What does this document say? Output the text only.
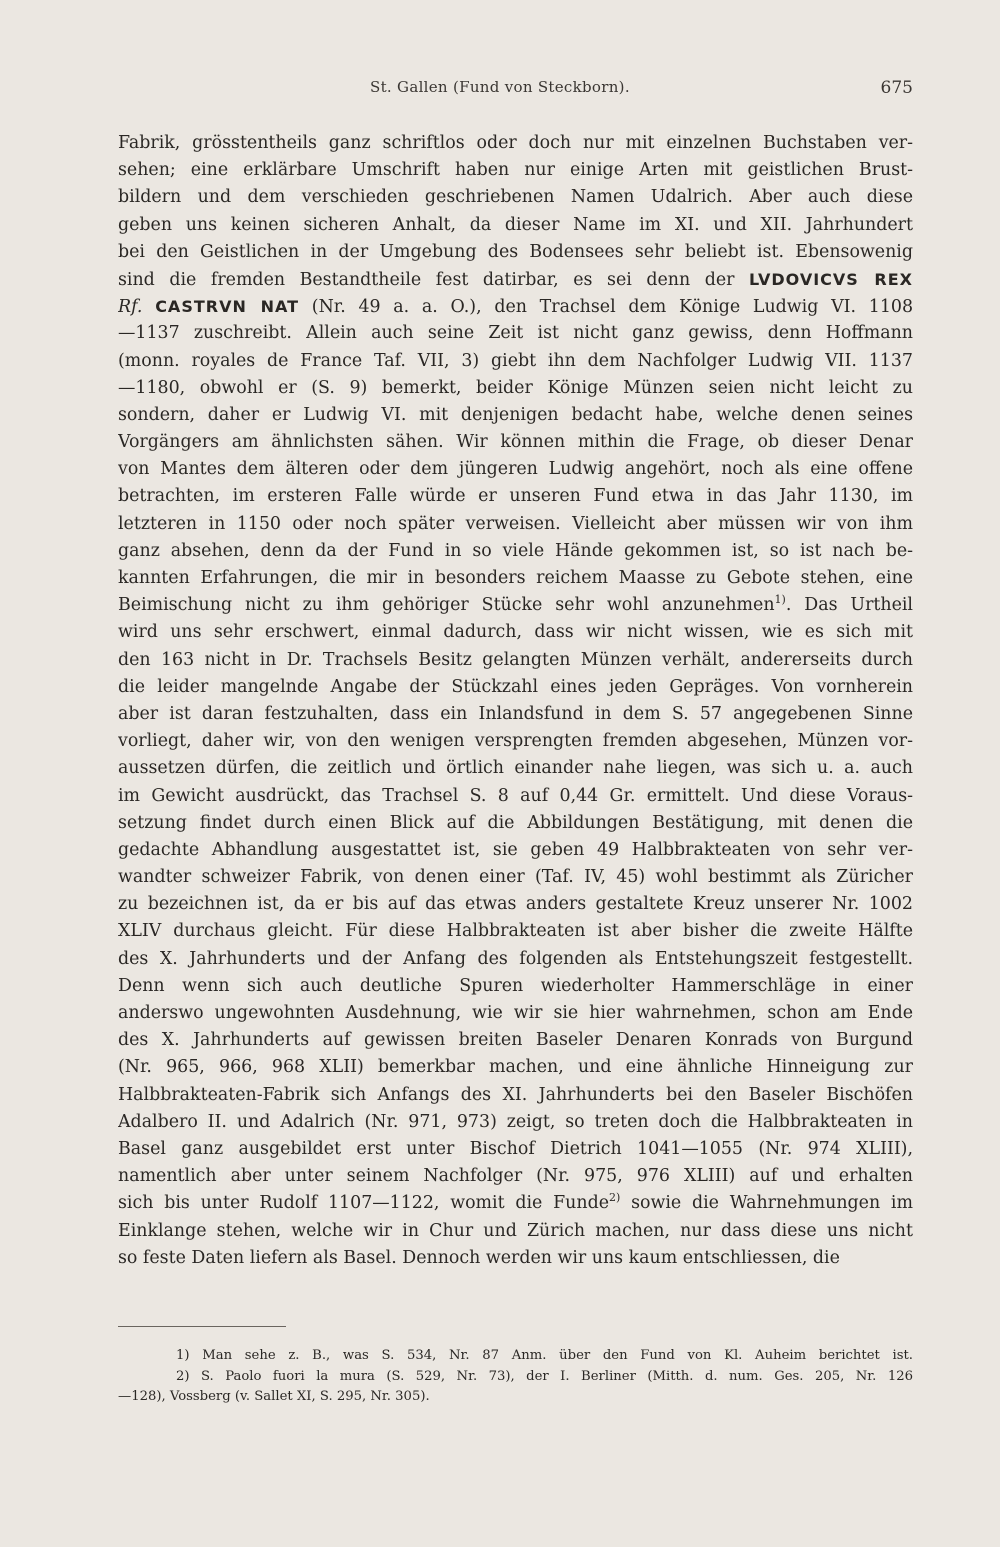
St. Gallen (Fund von Steckborn).	675
Fabrik, grösstentheils ganz schriftlos oder doch nur mit einzelnen Buchstaben ver-
sehen; eine erklärbare Umschrift haben nur einige Arten mit geistlichen Brust-
bildern und dem verschieden geschriebenen Namen Udalrich. Aber auch diese
geben uns keinen sicheren Anhalt, da dieser Name im XI. und XII. Jahrhundert
bei den Geistlichen in der Umgebung des Bodensees sehr beliebt ist. Ebensowenig
sind die fremden Bestandtheile fest datirbar, es sei denn der LVDOVICVS REX
Rf. CASTRVN NAT (Nr. 49 a. a. O.), den Trachsel dem Könige Ludwig VI. 1108
—1137 zuschreibt. Allein auch seine Zeit ist nicht ganz gewiss, denn Hoffmann
(monn. royales de France Taf. VII, 3) giebt ihn dem Nachfolger Ludwig VII. 1137
—1180, obwohl er (S. 9) bemerkt, beider Könige Münzen seien nicht leicht zu
sondern, daher er Ludwig VI. mit denjenigen bedacht habe, welche denen seines
Vorgängers am ähnlichsten sähen. Wir können mithin die Frage, ob dieser Denar
von Mantes dem älteren oder dem jüngeren Ludwig angehört, noch als eine offene
betrachten, im ersteren Falle würde er unseren Fund etwa in das Jahr 1130, im
letzteren in 1150 oder noch später verweisen. Vielleicht aber müssen wir von ihm
ganz absehen, denn da der Fund in so viele Hände gekommen ist, so ist nach be-
kannten Erfahrungen, die mir in besonders reichem Maasse zu Gebote stehen, eine
Beimischung nicht zu ihm gehöriger Stücke sehr wohl anzunehmen$^{1)}$. Das Urtheil
wird uns sehr erschwert, einmal dadurch, dass wir nicht wissen, wie es sich mit
den 163 nicht in Dr. Trachsels Besitz gelangten Münzen verhält, andererseits durch
die leider mangelnde Angabe der Stückzahl eines jeden Gepräges. Von vornherein
aber ist daran festzuhalten, dass ein Inlandsfund in dem S. 57 angegebenen Sinne
vorliegt, daher wir, von den wenigen versprengten fremden abgesehen, Münzen vor-
aussetzen dürfen, die zeitlich und örtlich einander nahe liegen, was sich u. a. auch
im Gewicht ausdrückt, das Trachsel S. 8 auf 0,44 Gr. ermittelt. Und diese Voraus-
setzung findet durch einen Blick auf die Abbildungen Bestätigung, mit denen die
gedachte Abhandlung ausgestattet ist, sie geben 49 Halbbrakteaten von sehr ver-
wandter schweizer Fabrik, von denen einer (Taf. IV, 45) wohl bestimmt als Züricher
zu bezeichnen ist, da er bis auf das etwas anders gestaltete Kreuz unserer Nr. 1002
XLIV durchaus gleicht. Für diese Halbbrakteaten ist aber bisher die zweite Hälfte
des X. Jahrhunderts und der Anfang des folgenden als Entstehungszeit festgestellt.
Denn wenn sich auch deutliche Spuren wiederholter Hammerschläge in einer
anderswo ungewohnten Ausdehnung, wie wir sie hier wahrnehmen, schon am Ende
des X. Jahrhunderts auf gewissen breiten Baseler Denaren Konrads von Burgund
(Nr. 965, 966, 968 XLII) bemerkbar machen, und eine ähnliche Hinneigung zur
Halbbrakteaten-Fabrik sich Anfangs des XI. Jahrhunderts bei den Baseler Bischöfen
Adalbero II. und Adalrich (Nr. 971, 973) zeigt, so treten doch die Halbbrakteaten in
Basel ganz ausgebildet erst unter Bischof Dietrich 1041—1055 (Nr. 974 XLIII),
namentlich aber unter seinem Nachfolger (Nr. 975, 976 XLIII) auf und erhalten
sich bis unter Rudolf 1107—1122, womit die Funde$^{2)}$ sowie die Wahrnehmungen im
Einklange stehen, welche wir in Chur und Zürich machen, nur dass diese uns nicht
so feste Daten liefern als Basel. Dennoch werden wir uns kaum entschliessen, die
1) Man sehe z. B., was S. 534, Nr. 87 Anm. über den Fund von Kl. Auheim berichtet ist.
2) S. Paolo fuori la mura (S. 529, Nr. 73), der I. Berliner (Mitth. d. num. Ges. 205, Nr. 126
—128), Vossberg (v. Sallet XI, S. 295, Nr. 305).
